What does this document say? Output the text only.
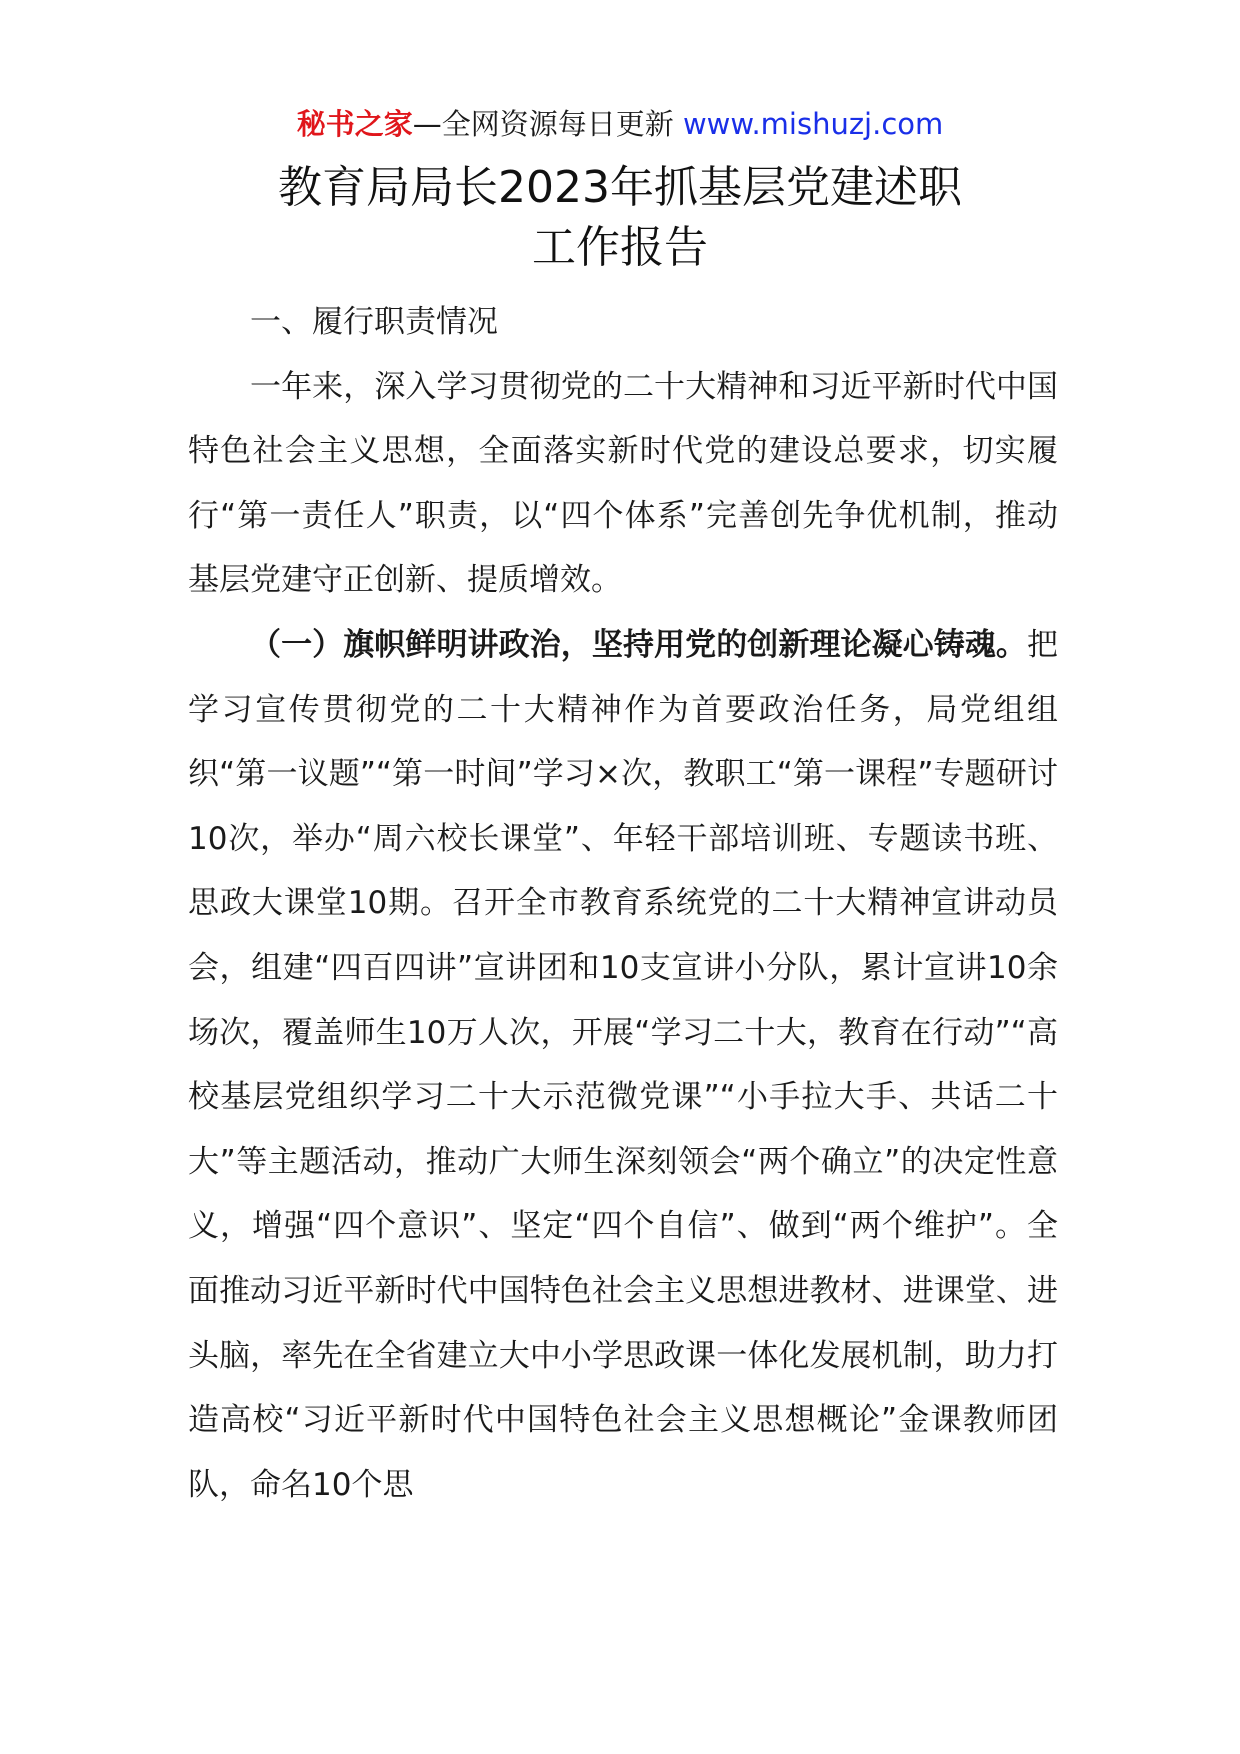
秘书之家—全网资源每日更新 www.mishuzj.com
教育局局长2023年抓基层党建述职
工作报告

一、履行职责情况

一年来，深入学习贯彻党的二十大精神和习近平新时代中国特色社会主义思想，全面落实新时代党的建设总要求，切实履行“第一责任人”职责，以“四个体系”完善创先争优机制，推动基层党建守正创新、提质增效。

（一）旗帜鲜明讲政治，坚持用党的创新理论凝心铸魂。把学习宣传贯彻党的二十大精神作为首要政治任务，局党组组织“第一议题”“第一时间”学习×次，教职工“第一课程”专题研讨10次，举办“周六校长课堂”、年轻干部培训班、专题读书班、思政大课堂10期。召开全市教育系统党的二十大精神宣讲动员会，组建“四百四讲”宣讲团和10支宣讲小分队，累计宣讲10余场次，覆盖师生10万人次，开展“学习二十大，教育在行动”“高校基层党组织学习二十大示范微党课”“小手拉大手、共话二十大”等主题活动，推动广大师生深刻领会“两个确立”的决定性意义，增强“四个意识”、坚定“四个自信”、做到“两个维护”。全面推动习近平新时代中国特色社会主义思想进教材、进课堂、进头脑，率先在全省建立大中小学思政课一体化发展机制，助力打造高校“习近平新时代中国特色社会主义思想概论”金课教师团队，命名10个思
